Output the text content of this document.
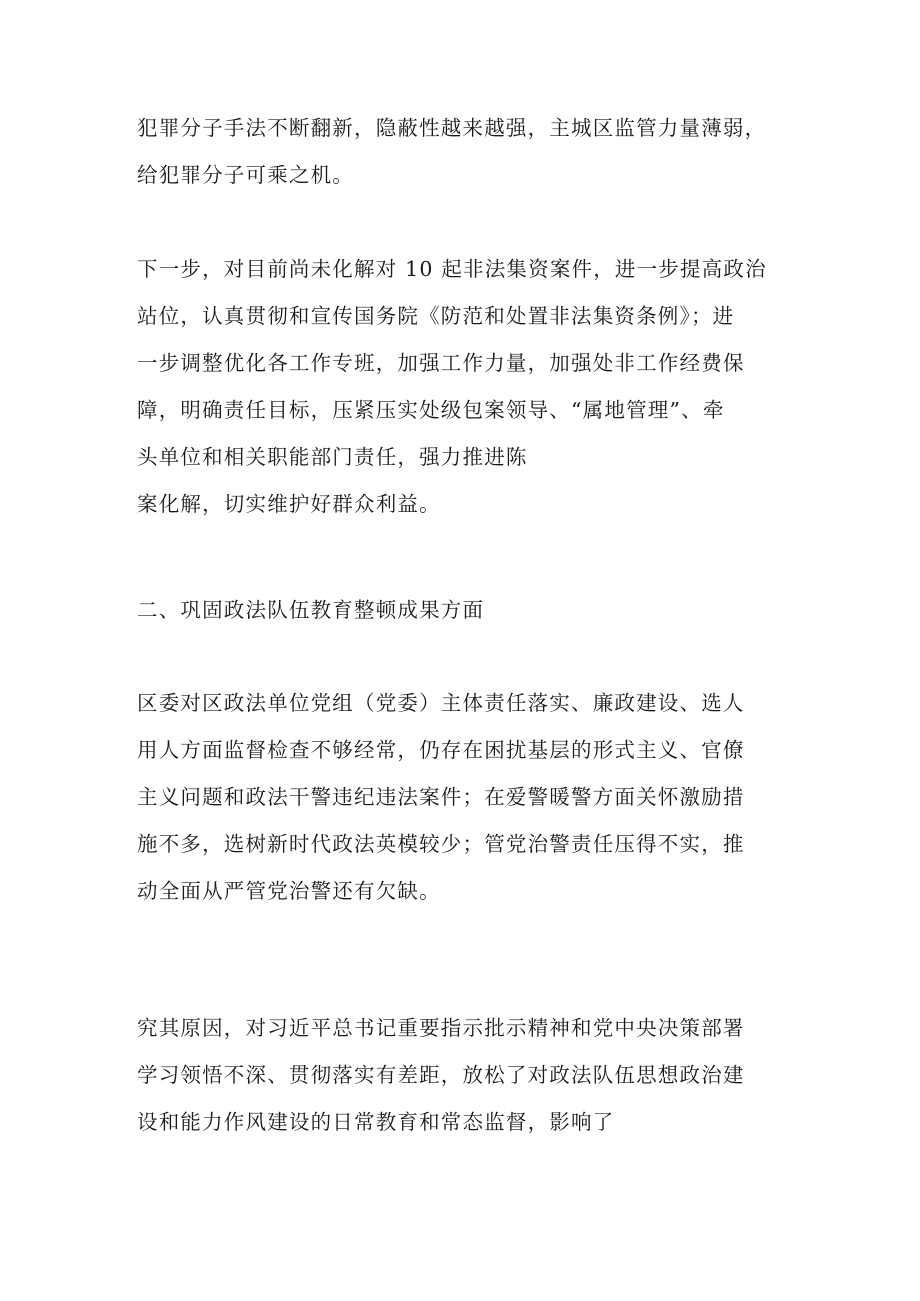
犯罪分子手法不断翻新，隐蔽性越来越强，主城区监管力量薄弱，
给犯罪分子可乘之机。
下一步，对目前尚未化解对 10 起非法集资案件，进一步提高政治
站位，认真贯彻和宣传国务院《防范和处置非法集资条例》；进
一步调整优化各工作专班，加强工作力量，加强处非工作经费保
障，明确责任目标，压紧压实处级包案领导、“属地管理”、牵
头单位和相关职能部门责任，强力推进陈
案化解，切实维护好群众利益。
二、巩固政法队伍教育整顿成果方面
区委对区政法单位党组（党委）主体责任落实、廉政建设、选人
用人方面监督检查不够经常，仍存在困扰基层的形式主义、官僚
主义问题和政法干警违纪违法案件；在爱警暖警方面关怀激励措
施不多，选树新时代政法英模较少；管党治警责任压得不实，推
动全面从严管党治警还有欠缺。
究其原因，对习近平总书记重要指示批示精神和党中央决策部署
学习领悟不深、贯彻落实有差距，放松了对政法队伍思想政治建
设和能力作风建设的日常教育和常态监督，影响了
